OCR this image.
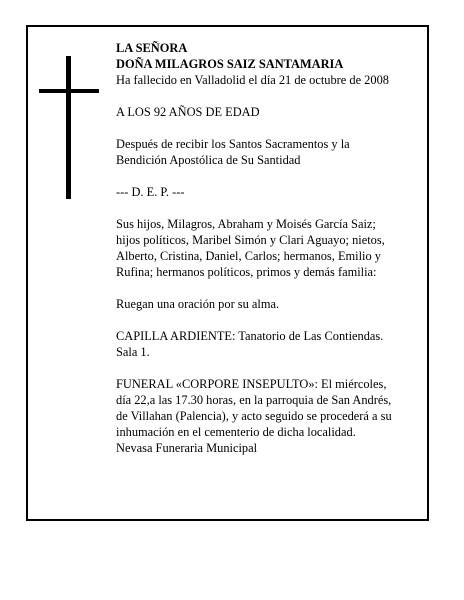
LA SEÑORA
DOÑA MILAGROS SAIZ SANTAMARIA
Ha fallecido en Valladolid el día 21 de octubre de 2008
A LOS 92 AÑOS DE EDAD
Después de recibir los Santos Sacramentos y la
Bendición Apostólica de Su Santidad
--- D. E. P. ---
Sus hijos, Milagros, Abraham y Moisés García Saiz;
hijos políticos, Maribel Simón y Clari Aguayo; nietos,
Alberto, Cristina, Daniel, Carlos; hermanos, Emilio y
Rufina; hermanos políticos, primos y demás familia:
Ruegan una oración por su alma.
CAPILLA ARDIENTE: Tanatorio de Las Contiendas.
Sala 1.
FUNERAL «CORPORE INSEPULTO»: El miércoles,
día 22,a las 17.30 horas, en la parroquia de San Andrés,
de Villahan (Palencia), y acto seguido se procederá a su
inhumación en el cementerio de dicha localidad.
Nevasa Funeraria Municipal
